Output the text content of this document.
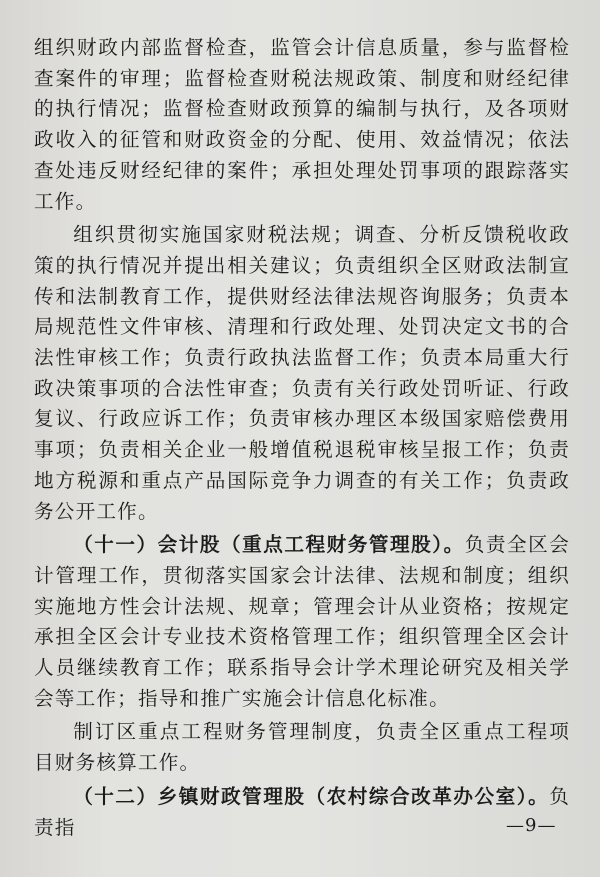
组织财政内部监督检查，监管会计信息质量，参与监督检查案件的审理；监督检查财税法规政策、制度和财经纪律的执行情况；监督检查财政预算的编制与执行，及各项财政收入的征管和财政资金的分配、使用、效益情况；依法查处违反财经纪律的案件；承担处理处罚事项的跟踪落实工作。

组织贯彻实施国家财税法规；调查、分析反馈税收政策的执行情况并提出相关建议；负责组织全区财政法制宣传和法制教育工作，提供财经法律法规咨询服务；负责本局规范性文件审核、清理和行政处理、处罚决定文书的合法性审核工作；负责行政执法监督工作；负责本局重大行政决策事项的合法性审查；负责有关行政处罚听证、行政复议、行政应诉工作；负责审核办理区本级国家赔偿费用事项；负责相关企业一般增值税退税审核呈报工作；负责地方税源和重点产品国际竞争力调查的有关工作；负责政务公开工作。

（十一）会计股（重点工程财务管理股）。负责全区会计管理工作，贯彻落实国家会计法律、法规和制度；组织实施地方性会计法规、规章；管理会计从业资格；按规定承担全区会计专业技术资格管理工作；组织管理全区会计人员继续教育工作；联系指导会计学术理论研究及相关学会等工作；指导和推广实施会计信息化标准。

制订区重点工程财务管理制度，负责全区重点工程项目财务核算工作。

（十二）乡镇财政管理股（农村综合改革办公室）。负责指	—9—
